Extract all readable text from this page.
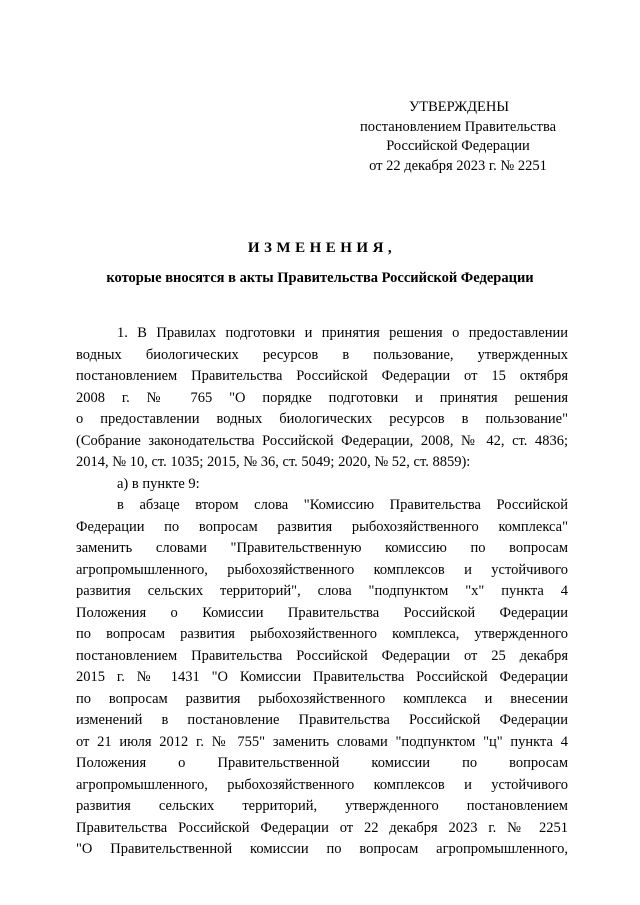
УТВЕРЖДЕНЫ
постановлением Правительства
Российской Федерации
от 22 декабря 2023 г. № 2251
ИЗМЕНЕНИЯ,
которые вносятся в акты Правительства Российской Федерации
1. В Правилах подготовки и принятия решения о предоставлении
водных биологических ресурсов в пользование, утвержденных
постановлением Правительства Российской Федерации от 15 октября
2008 г. № 765 "О порядке подготовки и принятия решения
о предоставлении водных биологических ресурсов в пользование"
(Собрание законодательства Российской Федерации, 2008, № 42, ст. 4836;
2014, № 10, ст. 1035; 2015, № 36, ст. 5049; 2020, № 52, ст. 8859):
а) в пункте 9:
в абзаце втором слова "Комиссию Правительства Российской
Федерации по вопросам развития рыбохозяйственного комплекса"
заменить словами "Правительственную комиссию по вопросам
агропромышленного, рыбохозяйственного комплексов и устойчивого
развития сельских территорий", слова "подпунктом "х" пункта 4
Положения о Комиссии Правительства Российской Федерации
по вопросам развития рыбохозяйственного комплекса, утвержденного
постановлением Правительства Российской Федерации от 25 декабря
2015 г. № 1431 "О Комиссии Правительства Российской Федерации
по вопросам развития рыбохозяйственного комплекса и внесении
изменений в постановление Правительства Российской Федерации
от 21 июля 2012 г. № 755" заменить словами "подпунктом "ц" пункта 4
Положения о Правительственной комиссии по вопросам
агропромышленного, рыбохозяйственного комплексов и устойчивого
развития сельских территорий, утвержденного постановлением
Правительства Российской Федерации от 22 декабря 2023 г. № 2251
"О Правительственной комиссии по вопросам агропромышленного,
